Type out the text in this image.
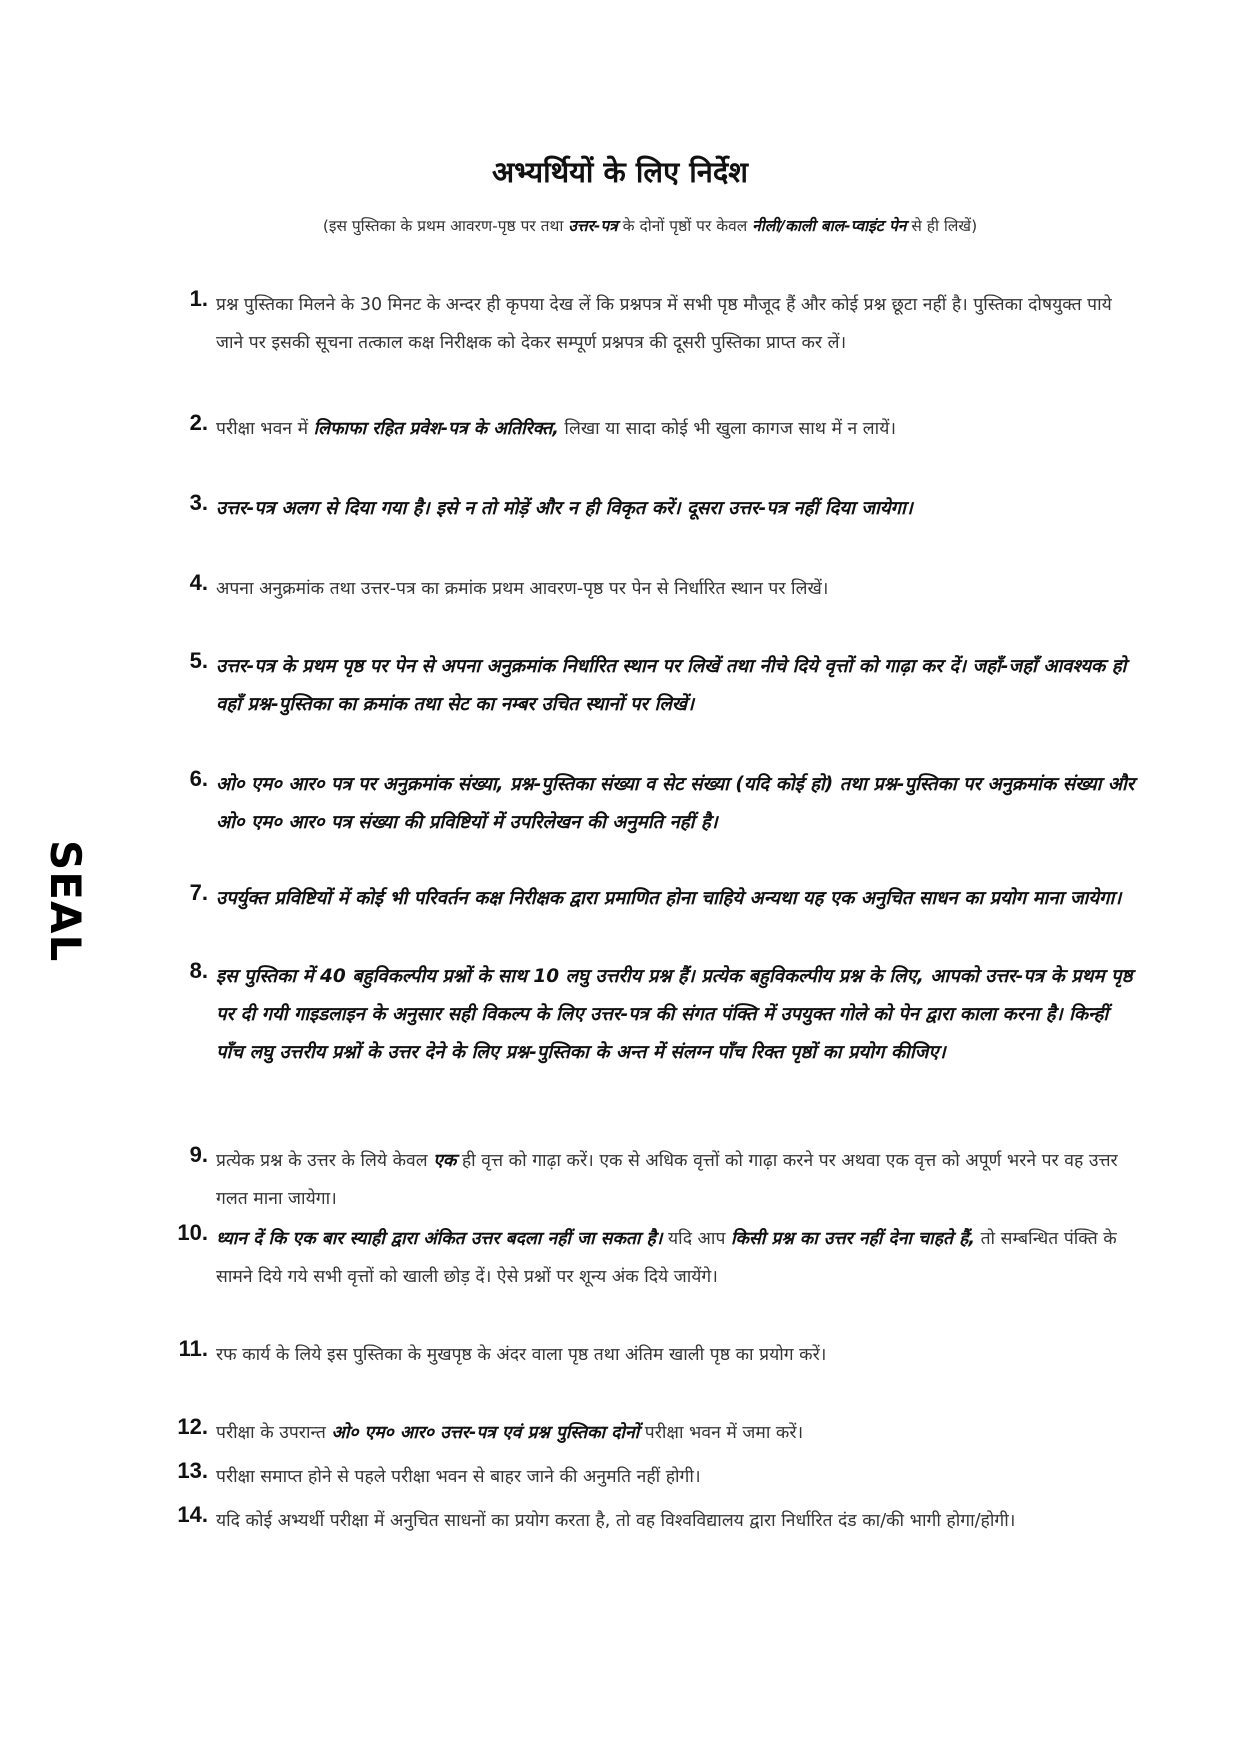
अभ्यर्थियों के लिए निर्देश
(इस पुस्तिका के प्रथम आवरण-पृष्ठ पर तथा उत्तर-पत्र के दोनों पृष्ठों पर केवल नीली/काली बाल-प्वाइंट पेन से ही लिखें)
SEAL
1. प्रश्न पुस्तिका मिलने के 30 मिनट के अन्दर ही कृपया देख लें कि प्रश्नपत्र में सभी पृष्ठ मौजूद हैं और कोई प्रश्न छूटा नहीं है। पुस्तिका दोषयुक्त पाये जाने पर इसकी सूचना तत्काल कक्ष निरीक्षक को देकर सम्पूर्ण प्रश्नपत्र की दूसरी पुस्तिका प्राप्त कर लें।
2. परीक्षा भवन में लिफाफा रहित प्रवेश-पत्र के अतिरिक्त, लिखा या सादा कोई भी खुला कागज साथ में न लायें।
3. उत्तर-पत्र अलग से दिया गया है। इसे न तो मोड़ें और न ही विकृत करें। दूसरा उत्तर-पत्र नहीं दिया जायेगा।
4. अपना अनुक्रमांक तथा उत्तर-पत्र का क्रमांक प्रथम आवरण-पृष्ठ पर पेन से निर्धारित स्थान पर लिखें।
5. उत्तर-पत्र के प्रथम पृष्ठ पर पेन से अपना अनुक्रमांक निर्धारित स्थान पर लिखें तथा नीचे दिये वृत्तों को गाढ़ा कर दें। जहाँ-जहाँ आवश्यक हो वहाँ प्रश्न-पुस्तिका का क्रमांक तथा सेट का नम्बर उचित स्थानों पर लिखें।
6. ओ० एम० आर० पत्र पर अनुक्रमांक संख्या, प्रश्न-पुस्तिका संख्या व सेट संख्या (यदि कोई हो) तथा प्रश्न-पुस्तिका पर अनुक्रमांक संख्या और ओ० एम० आर० पत्र संख्या की प्रविष्टियों में उपरिलेखन की अनुमति नहीं है।
7. उपर्युक्त प्रविष्टियों में कोई भी परिवर्तन कक्ष निरीक्षक द्वारा प्रमाणित होना चाहिये अन्यथा यह एक अनुचित साधन का प्रयोग माना जायेगा।
8. इस पुस्तिका में 40 बहुविकल्पीय प्रश्नों के साथ 10 लघु उत्तरीय प्रश्न हैं। प्रत्येक बहुविकल्पीय प्रश्न के लिए, आपको उत्तर-पत्र के प्रथम पृष्ठ पर दी गयी गाइडलाइन के अनुसार सही विकल्प के लिए उत्तर-पत्र की संगत पंक्ति में उपयुक्त गोले को पेन द्वारा काला करना है। किन्हीं पाँच लघु उत्तरीय प्रश्नों के उत्तर देने के लिए प्रश्न-पुस्तिका के अन्त में संलग्न पाँच रिक्त पृष्ठों का प्रयोग कीजिए।
9. प्रत्येक प्रश्न के उत्तर के लिये केवल एक ही वृत्त को गाढ़ा करें। एक से अधिक वृत्तों को गाढ़ा करने पर अथवा एक वृत्त को अपूर्ण भरने पर वह उत्तर गलत माना जायेगा।
10. ध्यान दें कि एक बार स्याही द्वारा अंकित उत्तर बदला नहीं जा सकता है। यदि आप किसी प्रश्न का उत्तर नहीं देना चाहते हैं, तो सम्बन्धित पंक्ति के सामने दिये गये सभी वृत्तों को खाली छोड़ दें। ऐसे प्रश्नों पर शून्य अंक दिये जायेंगे।
11. रफ कार्य के लिये इस पुस्तिका के मुखपृष्ठ के अंदर वाला पृष्ठ तथा अंतिम खाली पृष्ठ का प्रयोग करें।
12. परीक्षा के उपरान्त ओ० एम० आर० उत्तर-पत्र एवं प्रश्न पुस्तिका दोनों परीक्षा भवन में जमा करें।
13. परीक्षा समाप्त होने से पहले परीक्षा भवन से बाहर जाने की अनुमति नहीं होगी।
14. यदि कोई अभ्यर्थी परीक्षा में अनुचित साधनों का प्रयोग करता है, तो वह विश्वविद्यालय द्वारा निर्धारित दंड का/की भागी होगा/होगी।
